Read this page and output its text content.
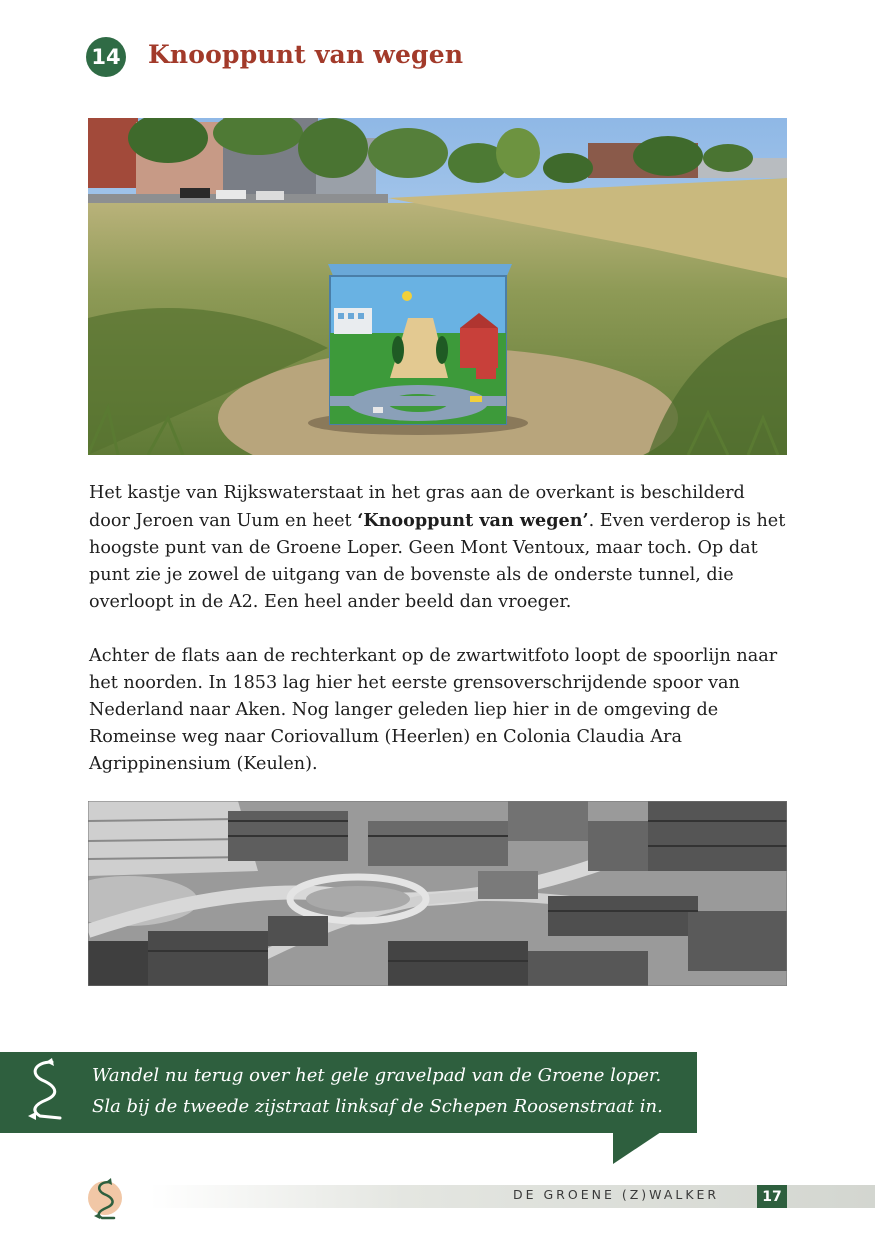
14 Knooppunt van wegen

Het kastje van Rijkswaterstaat in het gras aan de overkant is beschilderd door Jeroen van Uum en heet ‘Knooppunt van wegen’. Even verderop is het hoogste punt van de Groene Loper. Geen Mont Ventoux, maar toch. Op dat punt zie je zowel de uitgang van de bovenste als de onderste tunnel, die overloopt in de A2. Een heel ander beeld dan vroeger.

Achter de flats aan de rechterkant op de zwartwitfoto loopt de spoorlijn naar het noorden. In 1853 lag hier het eerste grensoverschrijdende spoor van Nederland naar Aken. Nog langer geleden liep hier in de omgeving de Romeinse weg naar Coriovallum (Heerlen) en Colonia Claudia Ara Agrippinensium (Keulen).

Wandel nu terug over het gele gravelpad van de Groene loper.
Sla bij de tweede zijstraat linksaf de Schepen Roosenstraat in.
DE GROENE (Z)WALKER	17
